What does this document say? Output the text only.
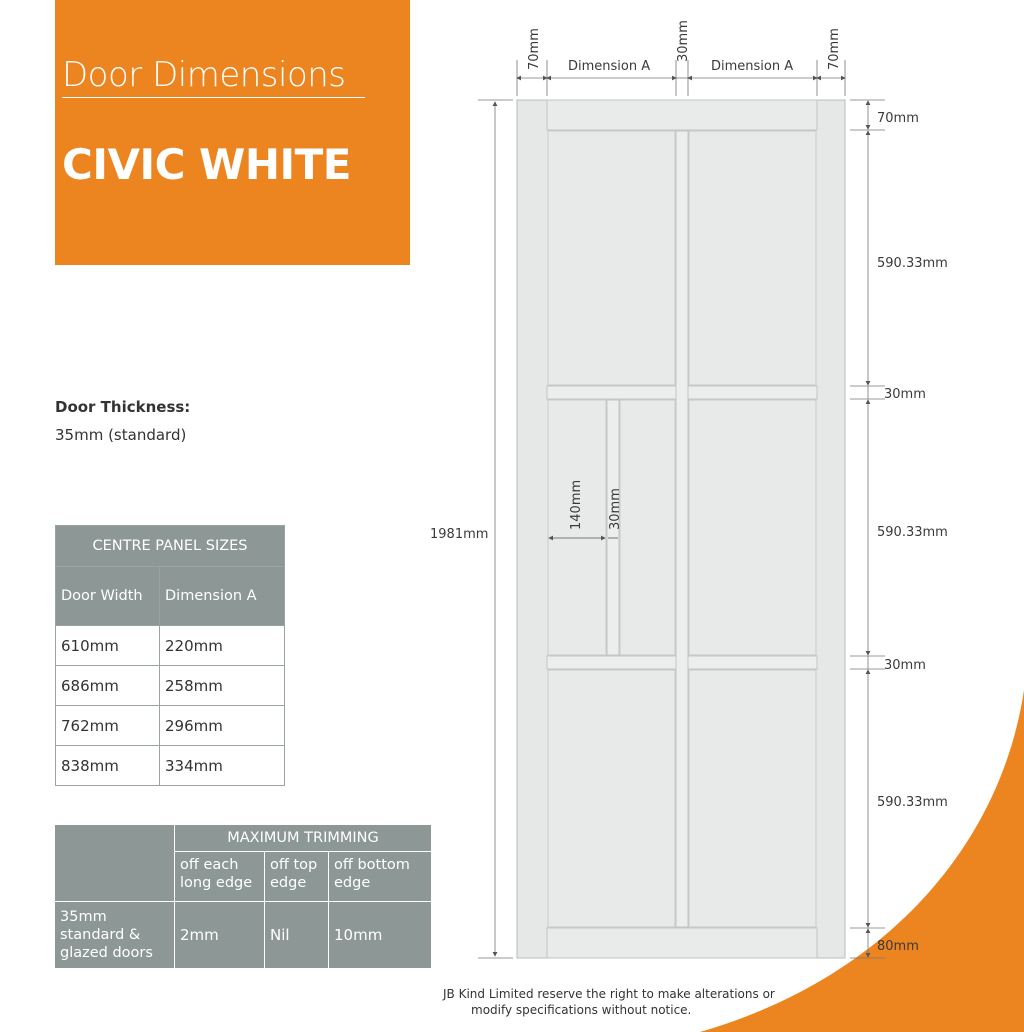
Door Dimensions
CIVIC WHITE
Door Thickness:
35mm (standard)
CENTRE PANEL SIZES	
Door Width	Dimension A
610mm	220mm
686mm	258mm
762mm	296mm
838mm	334mm
	MAXIMUM TRIMMING		
	off each long edge	off top edge	off bottom edge
35mm standard & glazed doors	2mm	Nil	10mm
70mm Dimension A
30mm
Dimension A	70mm
1981mm
70mm
590.33mm
30mm
590.33mm
30mm
590.33mm
80mm
140mm 30mm
JB Kind Limited reserve the right to make alterations or
modify specifications without notice.
